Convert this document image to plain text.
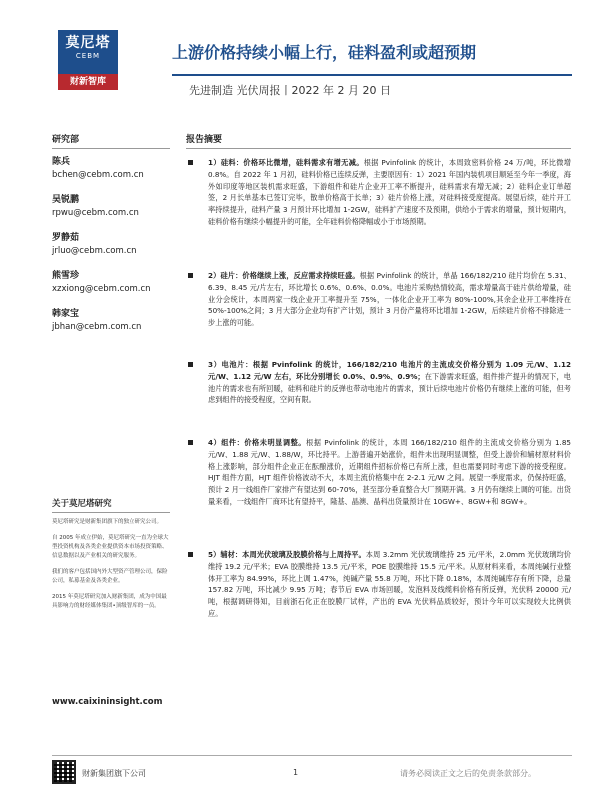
莫尼塔
CEBM
财新智库
上游价格持续小幅上行，硅料盈利或超预期
先进制造 光伏周报丨2022 年 2 月 20 日
研究部
陈兵
bchen@cebm.com.cn
吴锐鹏
rpwu@cebm.com.cn
罗静茹
jrluo@cebm.com.cn
熊雪珍
xzxiong@cebm.com.cn
韩家宝
jbhan@cebm.com.cn
关于莫尼塔研究
莫尼塔研究是财新集团旗下的独立研究公司。
自 2005 年成立伊始，莫尼塔研究一直为全球大型投资机构及各类企业提供资本市场投资策略、信息数据以及产业相关的研究服务。
我们的客户包括国内外大型资产管理公司，保险公司，私募基金及各类企业。
2015 年莫尼塔研究加入财新集团，成为中国最具影响力的财经媒体集团•顶级智库的一员。
www.caixininsight.com
报告摘要
1）硅料：价格环比微增，硅料需求有增无减。根据 Pvinfolink 的统计，本周致密料价格 24 万/吨，环比微增 0.8%。自 2022 年 1 月初，硅料价格已连续反弹，主要原因有：1）2021 年国内装机项目顺延至今年一季度，海外如印度等地区装机需求旺盛，下游组件和硅片企业开工率不断提升，硅料需求有增无减；2）硅料企业订单超签，2 月长单基本已签订完毕，散单价格高于长单；3）硅片价格上涨，对硅料接受度提高。展望后续，硅片开工率持续提升，硅料产量 3 月预计环比增加 1-2GW，硅料扩产速度不及预期，供给小于需求的增量，预计短期内，硅料价格有继续小幅提升的可能，全年硅料价格降幅或小于市场预期。
2）硅片：价格继续上涨，反应需求持续旺盛。根据 Pvinfolink 的统计，单晶 166/182/210 硅片均价在 5.31、6.39、8.45 元/片左右，环比增长 0.6%、0.6%、0.0%。电池片采购热情较高，需求增量高于硅片供给增量，硅业分会统计，本周两家一线企业开工率提升至 75%，一体化企业开工率为 80%-100%,其余企业开工率维持在 50%-100%之间；3 月大部分企业均有扩产计划，预计 3 月份产量将环比增加 1-2GW，后续硅片价格不排除进一步上涨的可能。
3）电池片：根据 Pvinfolink 的统计，166/182/210 电池片的主流成交价格分别为 1.09 元/W、1.12 元/W、1.12 元/W 左右，环比分别增长 0.0%、0.9%、0.9%；在下游需求旺盛，组件排产提升的情况下，电池片的需求也有所回暖，硅料和硅片的反弹也带动电池片的需求，预计后续电池片价格仍有继续上涨的可能，但考虑到组件的接受程度，空间有限。
4）组件：价格未明显调整。根据 Pvinfolink 的统计，本周 166/182/210 组件的主流成交价格分别为 1.85 元/W、1.88 元/W、1.88/W，环比持平。上游普遍开始涨价，组件未出现明显调整，但受上游价和辅材原材料价格上涨影响，部分组件企业正在酝酿涨价，近期组件招标价格已有所上涨，但也需要同时考虑下游的接受程度。HJT 组件方面，HJT 组件价格波动不大，本周主流价格集中在 2-2.1 元/W 之间。展望一季度需求，仍保持旺盛，预计 2 月一线组件厂家排产有望达到 60-70%，甚至部分垂直整合大厂预期开满。3 月仍有继续上调的可能。出货量来看，一线组件厂商环比有望持平，隆基、晶澳、晶科出货量预计在 10GW+、8GW+和 8GW+。
5）辅材：本周光伏玻璃及胶膜价格与上周持平。本周 3.2mm 光伏玻璃维持 25 元/平米，2.0mm 光伏玻璃均价维持 19.2 元/平米；EVA 胶膜维持 13.5 元/平米，POE 胶膜维持 15.5 元/平米。从原材料来看，本周纯碱行业整体开工率为 84.99%，环比上调 1.47%，纯碱产量 55.8 万吨，环比下降 0.18%，本周纯碱库存有所下降，总量 157.82 万吨，环比减少 9.95 万吨；春节后 EVA 市场回暖，发泡料及线缆料价格有所反弹，光伏料 20000 元/吨，根据调研得知，目前浙石化正在胶膜厂试样，产出的 EVA 光伏料品质较好，预计今年可以实现较大比例供应。
财新集团旗下公司	1	请务必阅读正文之后的免责条款部分。
